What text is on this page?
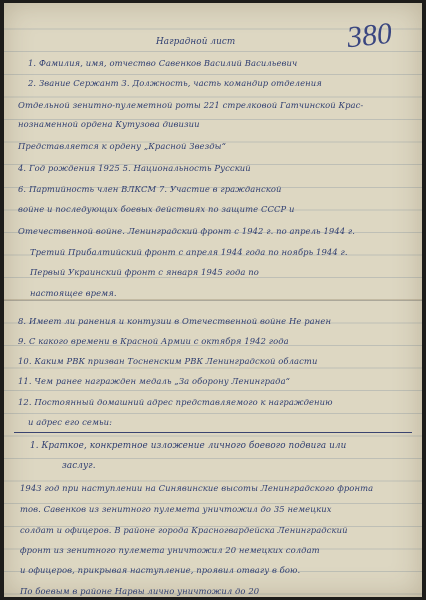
380
Наградной лист
1. Фамилия, имя, отчество Савенков Василий Васильевич
2. Звание Сержант 3. Должность, часть командир отделения
Отдельной зенитно-пулеметной роты 221 стрелковой Гатчинской Крас-
нознаменной ордена Кутузова дивизии
Представляется к ордену „Красной Звезды“
4. Год рождения 1925 5. Национальность Русский
6. Партийность член ВЛКСМ 7. Участие в гражданской
войне и последующих боевых действиях по защите СССР и
Отечественной войне. Ленинградский фронт с 1942 г. по апрель 1944 г.
Третий Прибалтийский фронт с апреля 1944 года по ноябрь 1944 г.
Первый Украинский фронт с января 1945 года по
настоящее время.
8. Имеет ли ранения и контузии в Отечественной войне Не ранен
9. С какого времени в Красной Армии с октября 1942 года
10. Каким РВК призван Тосненским РВК Ленинградской области
11. Чем ранее награжден медаль „За оборону Ленинграда“
12. Постоянный домашний адрес представляемого к награждению
и адрес его семьи:
1. Краткое, конкретное изложение личного боевого подвига или
заслуг.
1943 год при наступлении на Синявинские высоты Ленинградского фронта
тов. Савенков из зенитного пулемета уничтожил до 35 немецких
солдат и офицеров. В районе города Красногвардейска Ленинградский
фронт из зенитного пулемета уничтожил 20 немецких солдат
и офицеров, прикрывая наступление, проявил отвагу в бою.
По боевым в районе Нарвы лично уничтожил до 20
